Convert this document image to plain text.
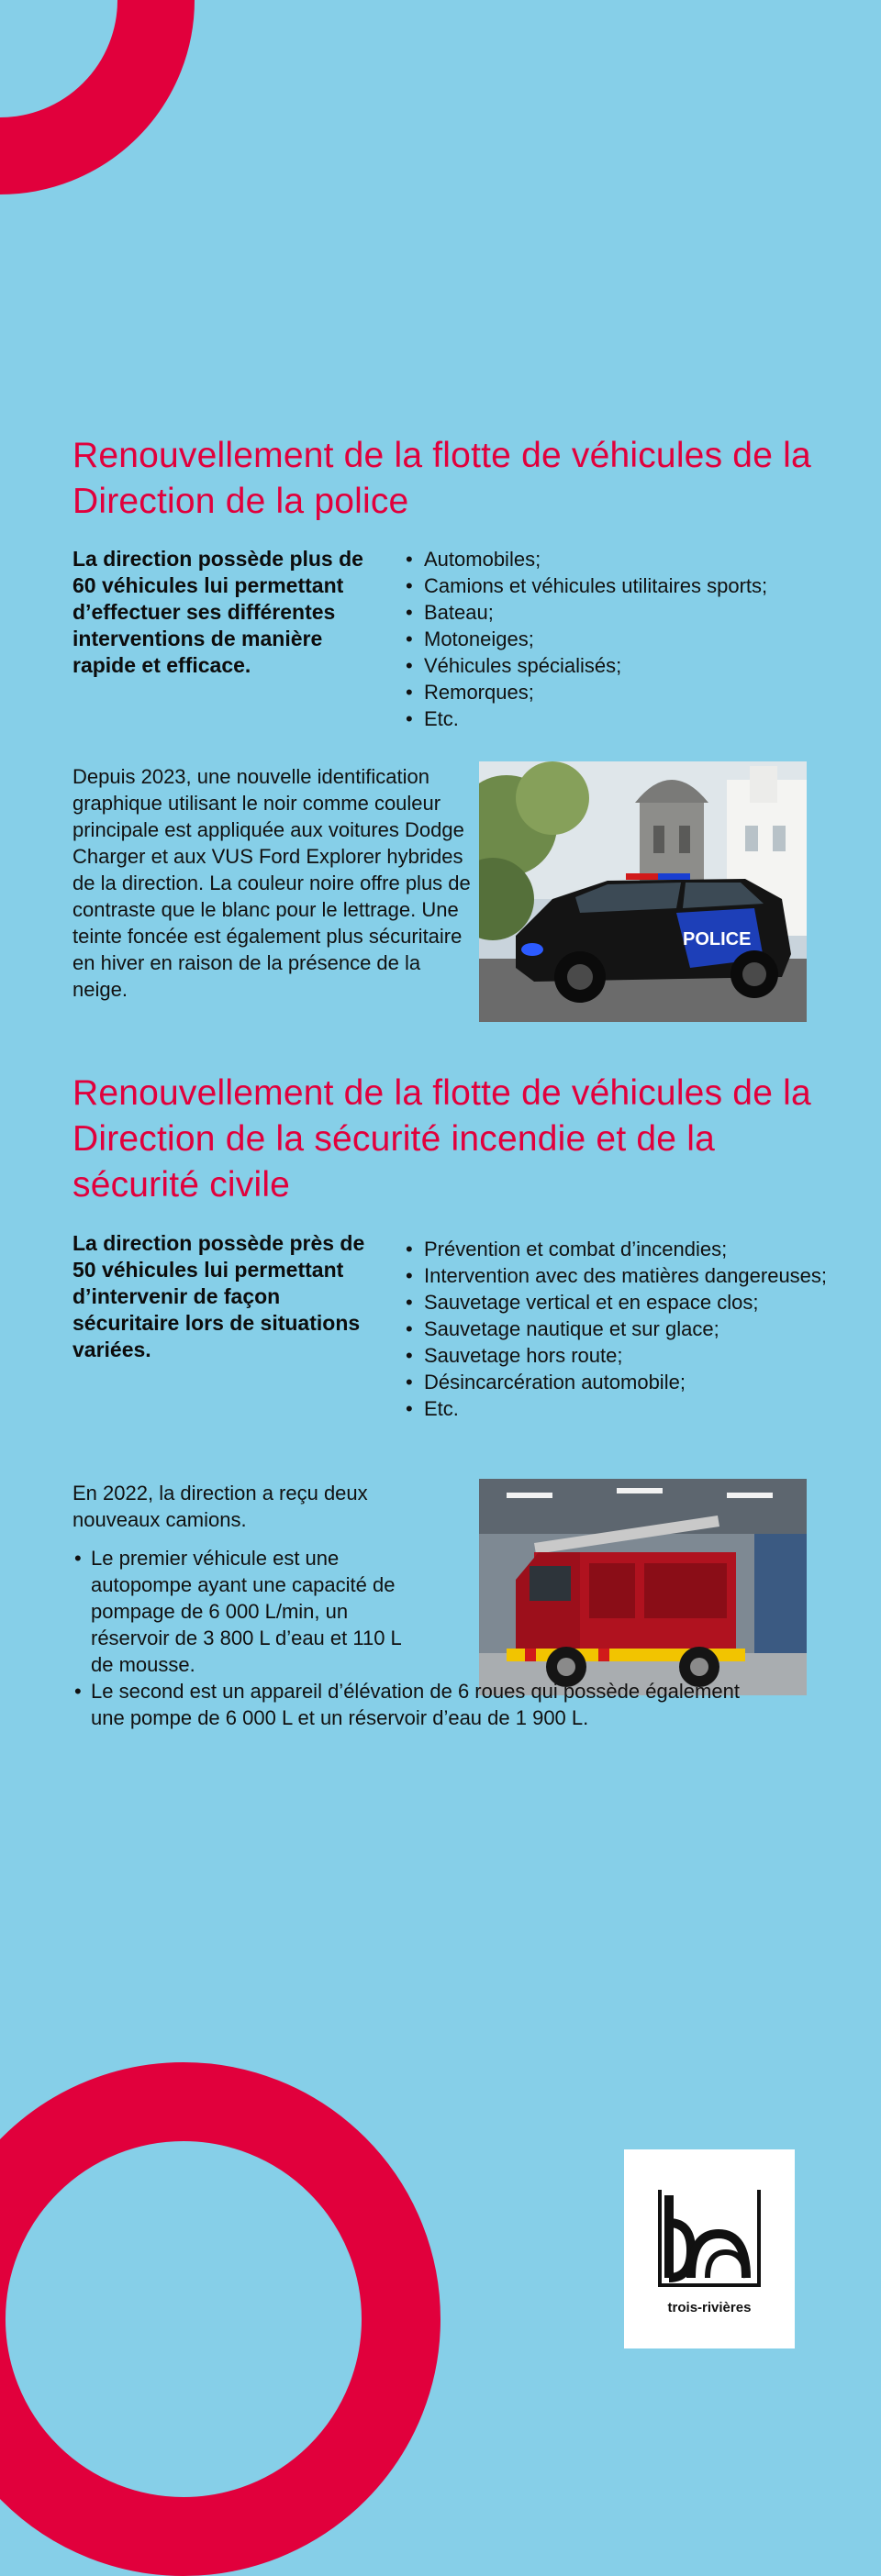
Renouvellement de la flotte de véhicules de la Direction de la police

La direction possède plus de 60 véhicules lui permettant d’effectuer ses différentes interventions de manière rapide et efficace.

• Automobiles;
• Camions et véhicules utilitaires sports;
• Bateau;
• Motoneiges;
• Véhicules spécialisés;
• Remorques;
• Etc.

Depuis 2023, une nouvelle identification graphique utilisant le noir comme couleur principale est appliquée aux voitures Dodge Charger et aux VUS Ford Explorer hybrides de la direction. La couleur noire offre plus de contraste que le blanc pour le lettrage. Une teinte foncée est également plus sécuritaire en hiver en raison de la présence de la neige.

POLICE
Renouvellement de la flotte de véhicules de la Direction de la sécurité incendie et de la sécurité civile

La direction possède près de 50 véhicules lui permettant d’intervenir de façon sécuritaire lors de situations variées.

• Prévention et combat d’incendies;
• Intervention avec des matières dangereuses;
• Sauvetage vertical et en espace clos;
• Sauvetage nautique et sur glace;
• Sauvetage hors route;
• Désincarcération automobile;
• Etc.

En 2022, la direction a reçu deux nouveaux camions.

• Le premier véhicule est une autopompe ayant une capacité de pompage de 6 000 L/min, un réservoir de 3 800 L d’eau et 110 L de mousse.
• Le second est un appareil d’élévation de 6 roues qui possède également une pompe de 6 000 L et un réservoir d’eau de 1 900 L.
trois-rivières
